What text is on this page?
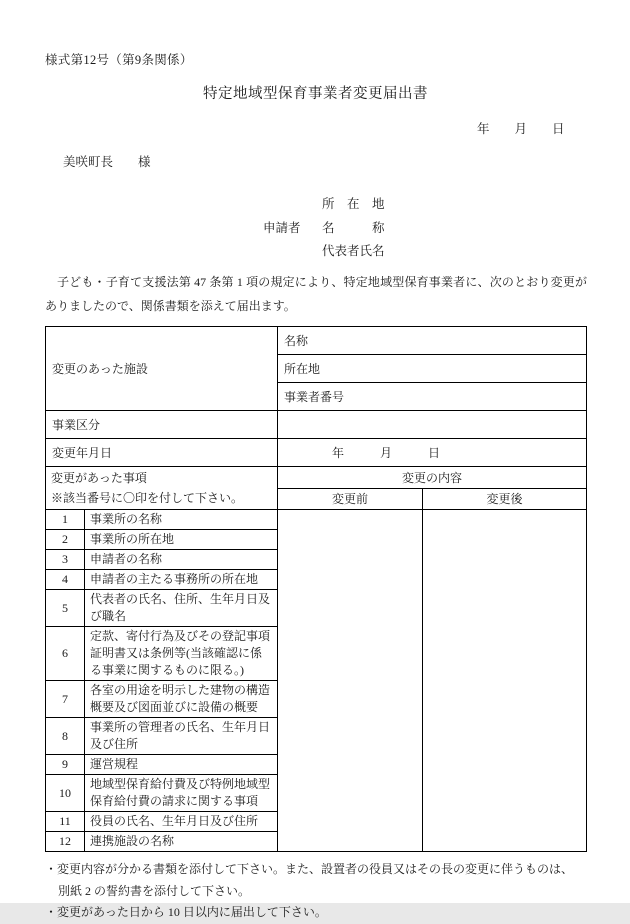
様式第12号（第9条関係）
特定地域型保育事業者変更届出書
年　　月　　日
美咲町長　　様
所　在　地
申請者	名　　　称
代表者氏名

子ども・子育て支援法第 47 条第 1 項の規定により、特定地域型保育事業者に、次のとおり変更がありましたので、関係書類を添えて届出ます。

変更のあった施設		名称	
		所在地	
		事業者番号	
事業区分			
変更年月日		年　　　月　　　日	

変更があった事項
※該当番号に〇印を付して下さい。		変更の内容	
		変更前	変更後
1	事業所の名称		
2	事業所の所在地		
3	申請者の名称		
4	申請者の主たる事務所の所在地		
5	代表者の氏名、住所、生年月日及び職名		
6	定款、寄付行為及びその登記事項証明書又は条例等(当該確認に係る事業に関するものに限る。)		
7	各室の用途を明示した建物の構造概要及び図面並びに設備の概要		
8	事業所の管理者の氏名、生年月日及び住所		
9	運営規程		
10	地域型保育給付費及び特例地域型保育給付費の請求に関する事項		
11	役員の氏名、生年月日及び住所		
12	連携施設の名称		
・変更内容が分かる書類を添付して下さい。また、設置者の役員又はその長の変更に伴うものは、
別紙 2 の誓約書を添付して下さい。
・変更があった日から 10 日以内に届出して下さい。
